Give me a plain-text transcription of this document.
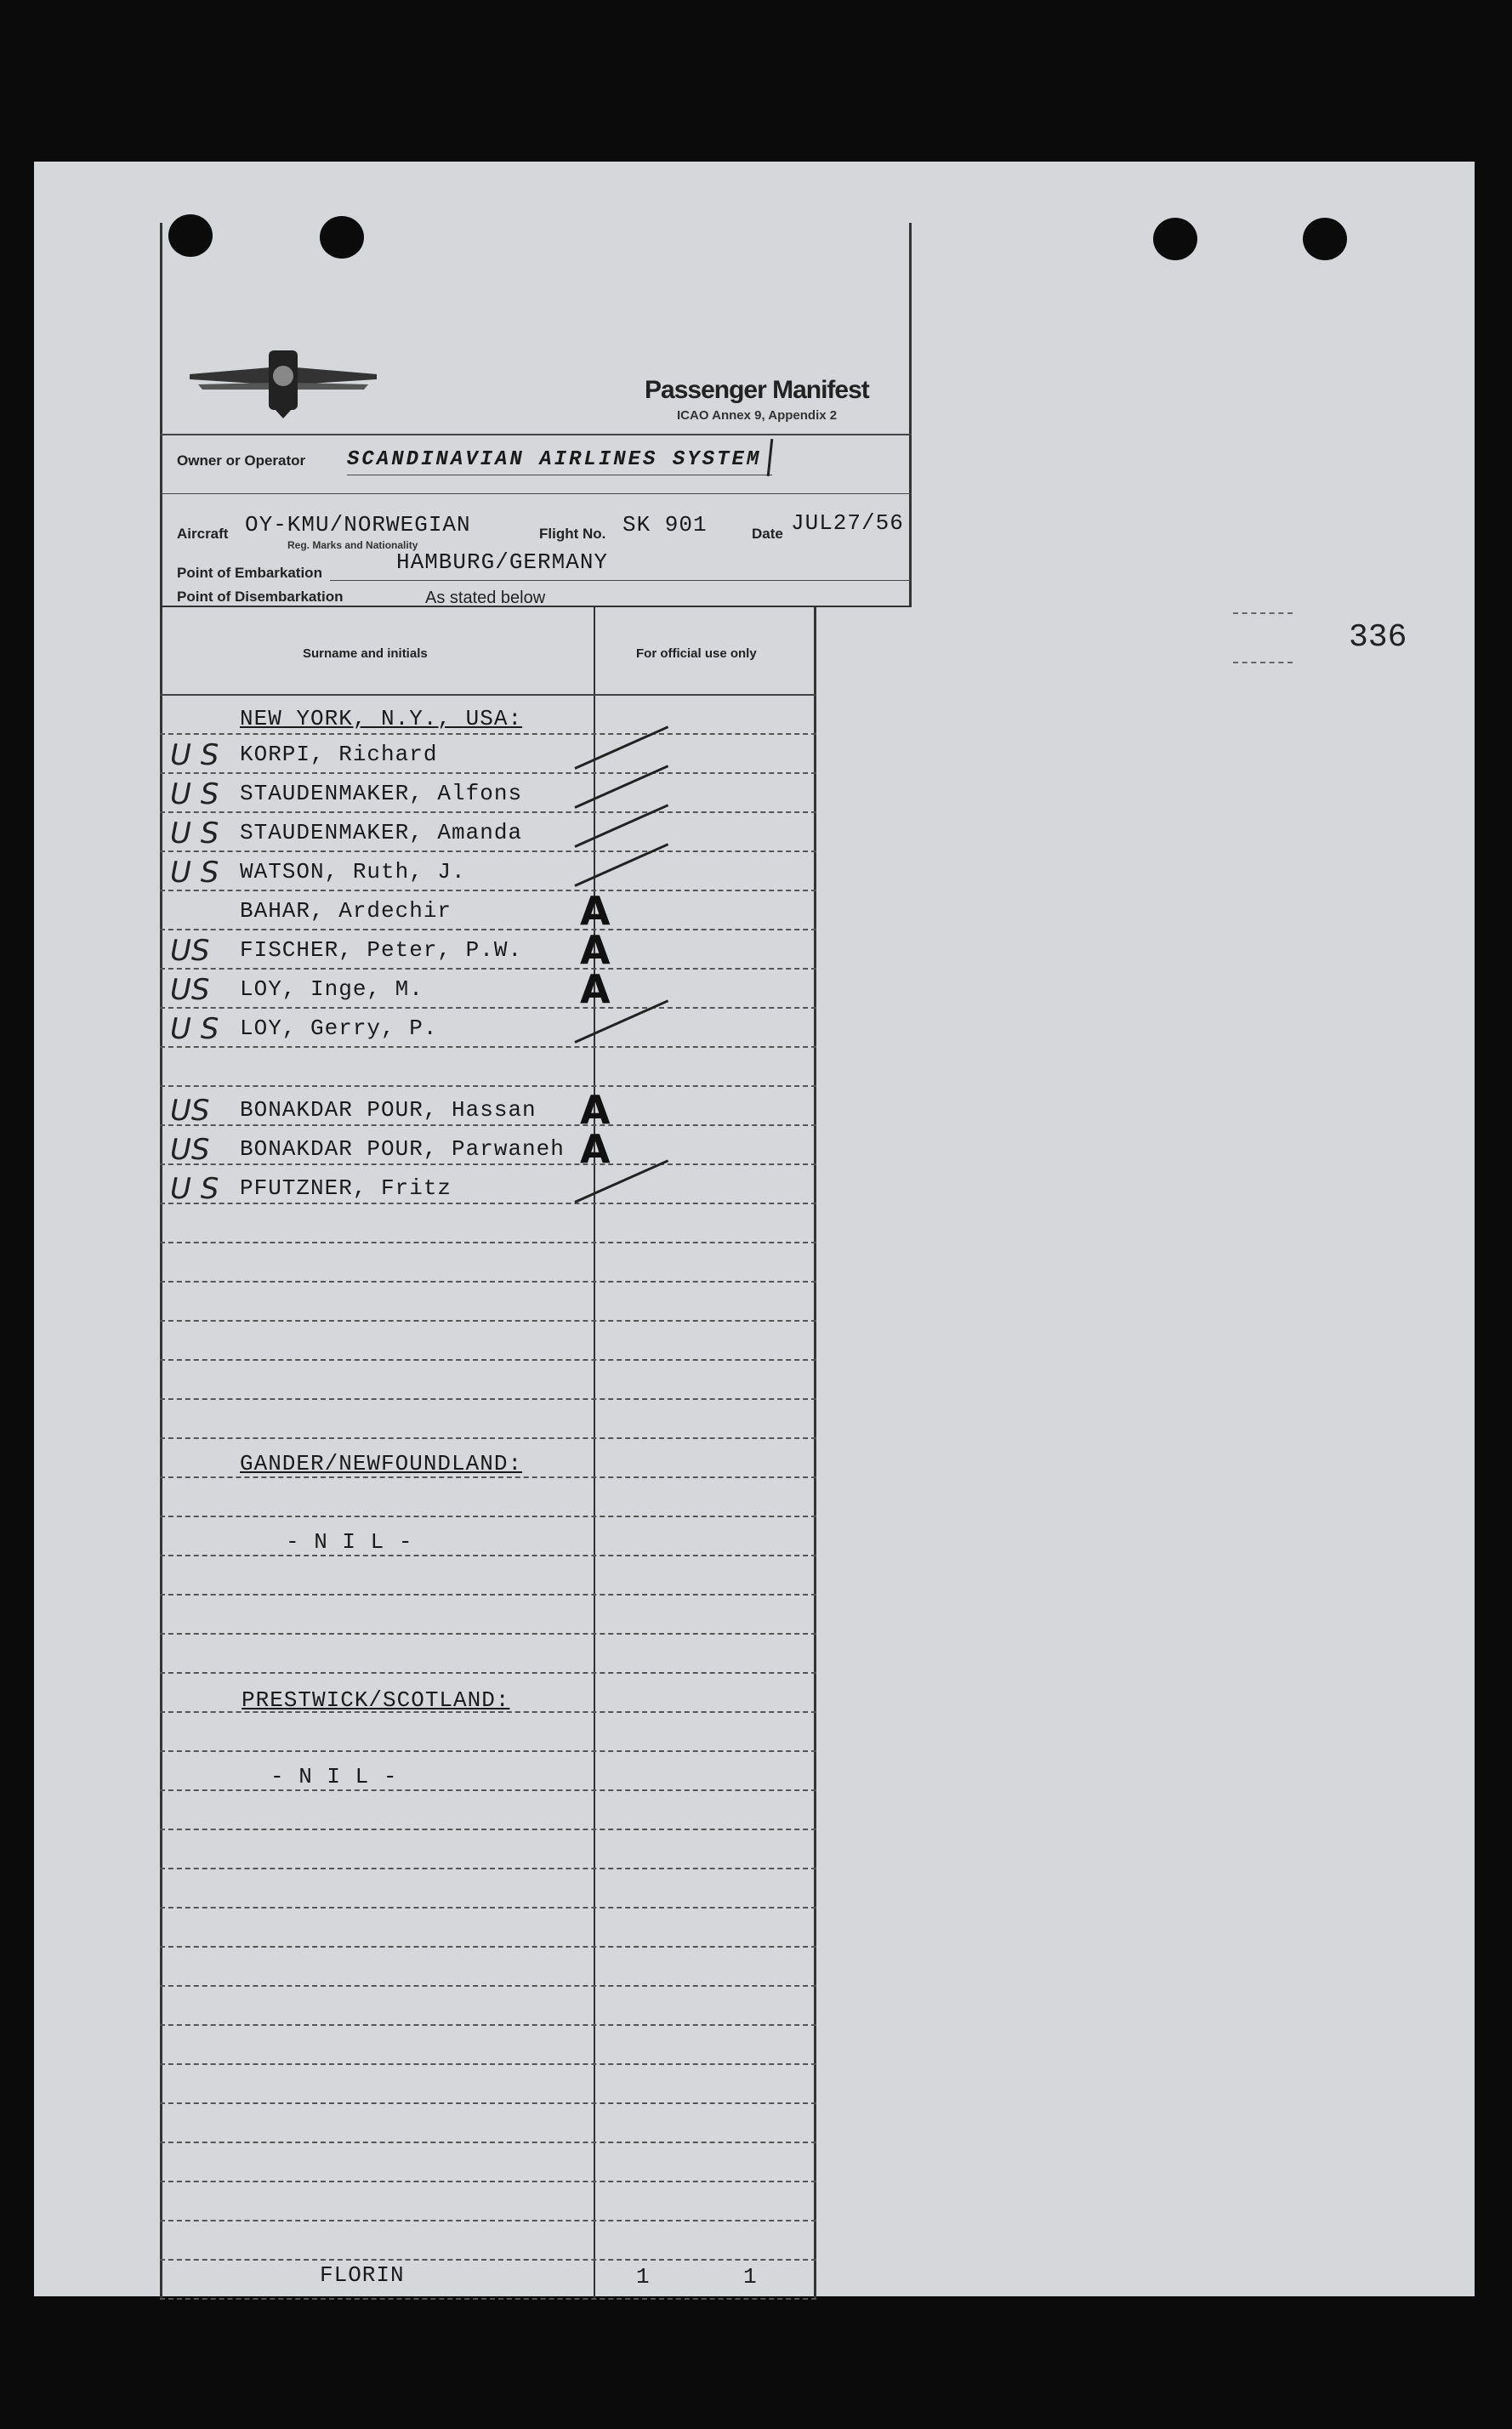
Passenger Manifest
ICAO Annex 9, Appendix 2
Owner or Operator SCANDINAVIAN AIRLINES SYSTEM
Aircraft OY-KMU/NORWEGIAN
Reg. Marks and Nationality
Flight No. SK 901	Date JUL27/56
Point of Embarkation	HAMBURG/GERMANY
Point of Disembarkation	As stated below
Surname and initials	For official use only
NEW YORK, N.Y., USA:
GANDER/NEWFOUNDLAND:
- N I L -
PRESTWICK/SCOTLAND:
- N I L -
U S KORPI, Richard
U S STAUDENMAKER, Alfons
U S STAUDENMAKER, Amanda
U S WATSON, Ruth, J.
BAHAR, Ardechir	A
US FISCHER, Peter, P.W. A
US LOY, Inge, M.	A
U S LOY, Gerry, P.
US BONAKDAR POUR, Hassan A
US BONAKDAR POUR, Parwaneh A
U S PFUTZNER, Fritz
FLORIN	1	1
336
